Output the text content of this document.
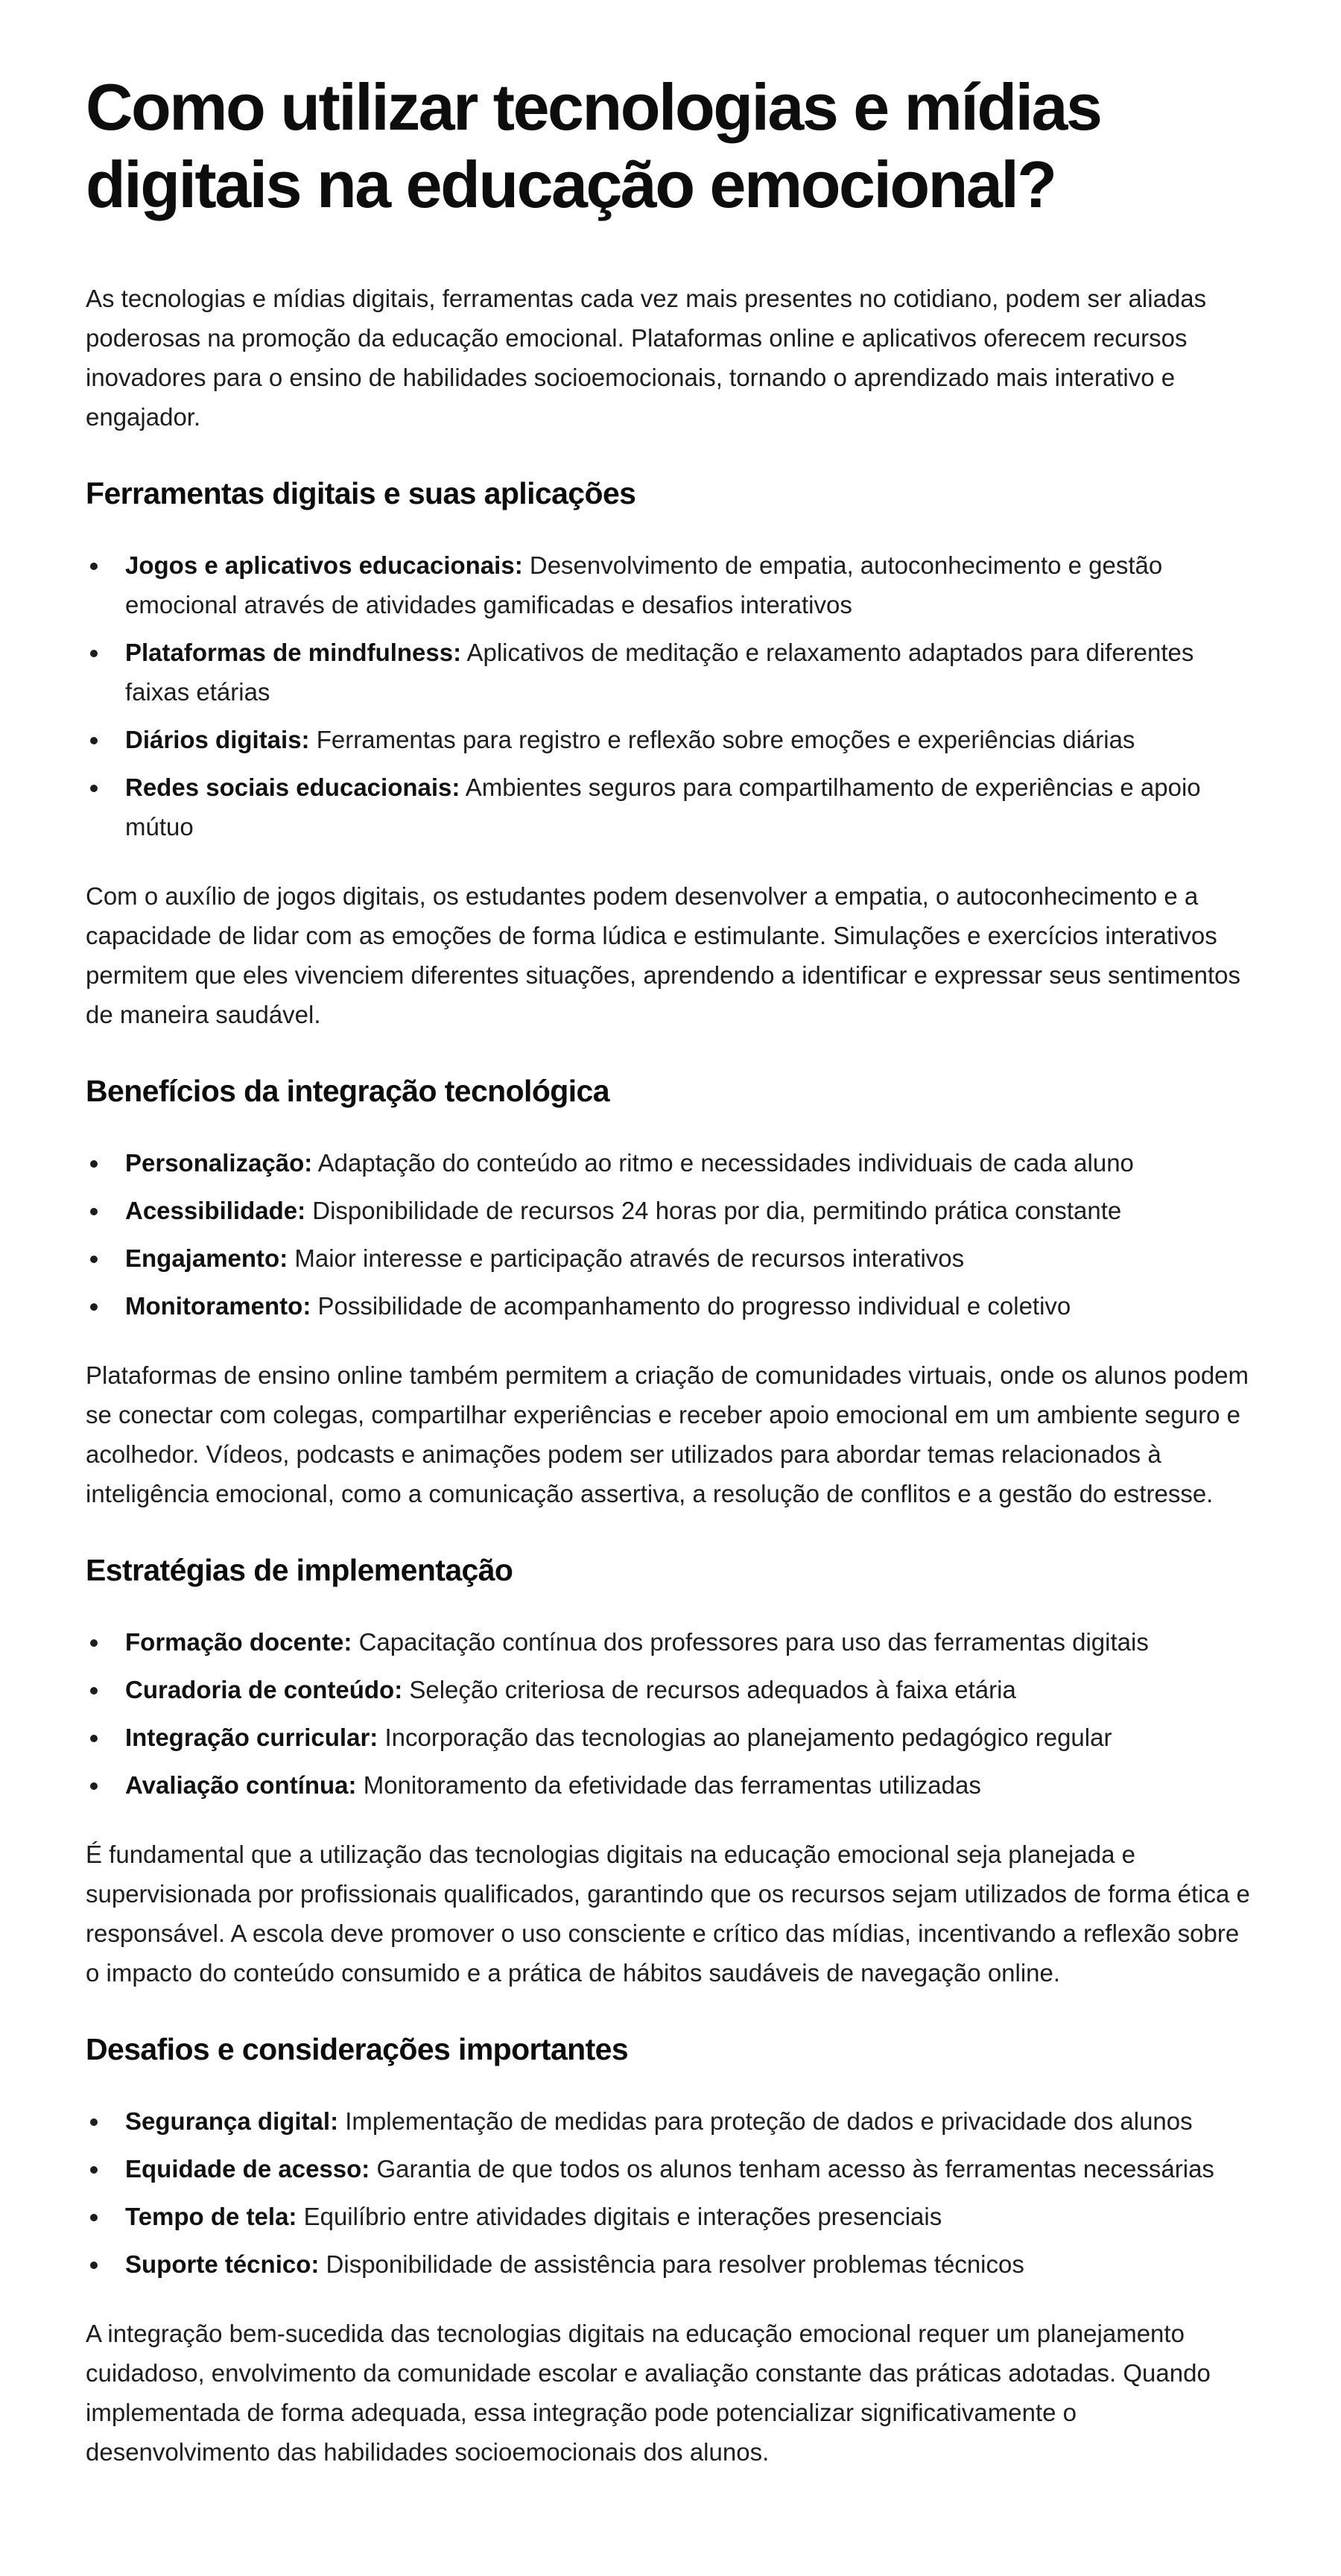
Como utilizar tecnologias e mídias digitais na educação emocional?

As tecnologias e mídias digitais, ferramentas cada vez mais presentes no cotidiano, podem ser aliadas poderosas na promoção da educação emocional. Plataformas online e aplicativos oferecem recursos inovadores para o ensino de habilidades socioemocionais, tornando o aprendizado mais interativo e engajador.

Ferramentas digitais e suas aplicações
Jogos e aplicativos educacionais: Desenvolvimento de empatia, autoconhecimento e gestão emocional através de atividades gamificadas e desafios interativos
Plataformas de mindfulness: Aplicativos de meditação e relaxamento adaptados para diferentes faixas etárias
Diários digitais: Ferramentas para registro e reflexão sobre emoções e experiências diárias
Redes sociais educacionais: Ambientes seguros para compartilhamento de experiências e apoio mútuo

Com o auxílio de jogos digitais, os estudantes podem desenvolver a empatia, o autoconhecimento e a capacidade de lidar com as emoções de forma lúdica e estimulante. Simulações e exercícios interativos permitem que eles vivenciem diferentes situações, aprendendo a identificar e expressar seus sentimentos de maneira saudável.

Benefícios da integração tecnológica
Personalização: Adaptação do conteúdo ao ritmo e necessidades individuais de cada aluno
Acessibilidade: Disponibilidade de recursos 24 horas por dia, permitindo prática constante
Engajamento: Maior interesse e participação através de recursos interativos
Monitoramento: Possibilidade de acompanhamento do progresso individual e coletivo

Plataformas de ensino online também permitem a criação de comunidades virtuais, onde os alunos podem se conectar com colegas, compartilhar experiências e receber apoio emocional em um ambiente seguro e acolhedor. Vídeos, podcasts e animações podem ser utilizados para abordar temas relacionados à inteligência emocional, como a comunicação assertiva, a resolução de conflitos e a gestão do estresse.

Estratégias de implementação
Formação docente: Capacitação contínua dos professores para uso das ferramentas digitais
Curadoria de conteúdo: Seleção criteriosa de recursos adequados à faixa etária
Integração curricular: Incorporação das tecnologias ao planejamento pedagógico regular
Avaliação contínua: Monitoramento da efetividade das ferramentas utilizadas

É fundamental que a utilização das tecnologias digitais na educação emocional seja planejada e supervisionada por profissionais qualificados, garantindo que os recursos sejam utilizados de forma ética e responsável. A escola deve promover o uso consciente e crítico das mídias, incentivando a reflexão sobre o impacto do conteúdo consumido e a prática de hábitos saudáveis de navegação online.

Desafios e considerações importantes
Segurança digital: Implementação de medidas para proteção de dados e privacidade dos alunos
Equidade de acesso: Garantia de que todos os alunos tenham acesso às ferramentas necessárias
Tempo de tela: Equilíbrio entre atividades digitais e interações presenciais
Suporte técnico: Disponibilidade de assistência para resolver problemas técnicos

A integração bem-sucedida das tecnologias digitais na educação emocional requer um planejamento cuidadoso, envolvimento da comunidade escolar e avaliação constante das práticas adotadas. Quando implementada de forma adequada, essa integração pode potencializar significativamente o desenvolvimento das habilidades socioemocionais dos alunos.
